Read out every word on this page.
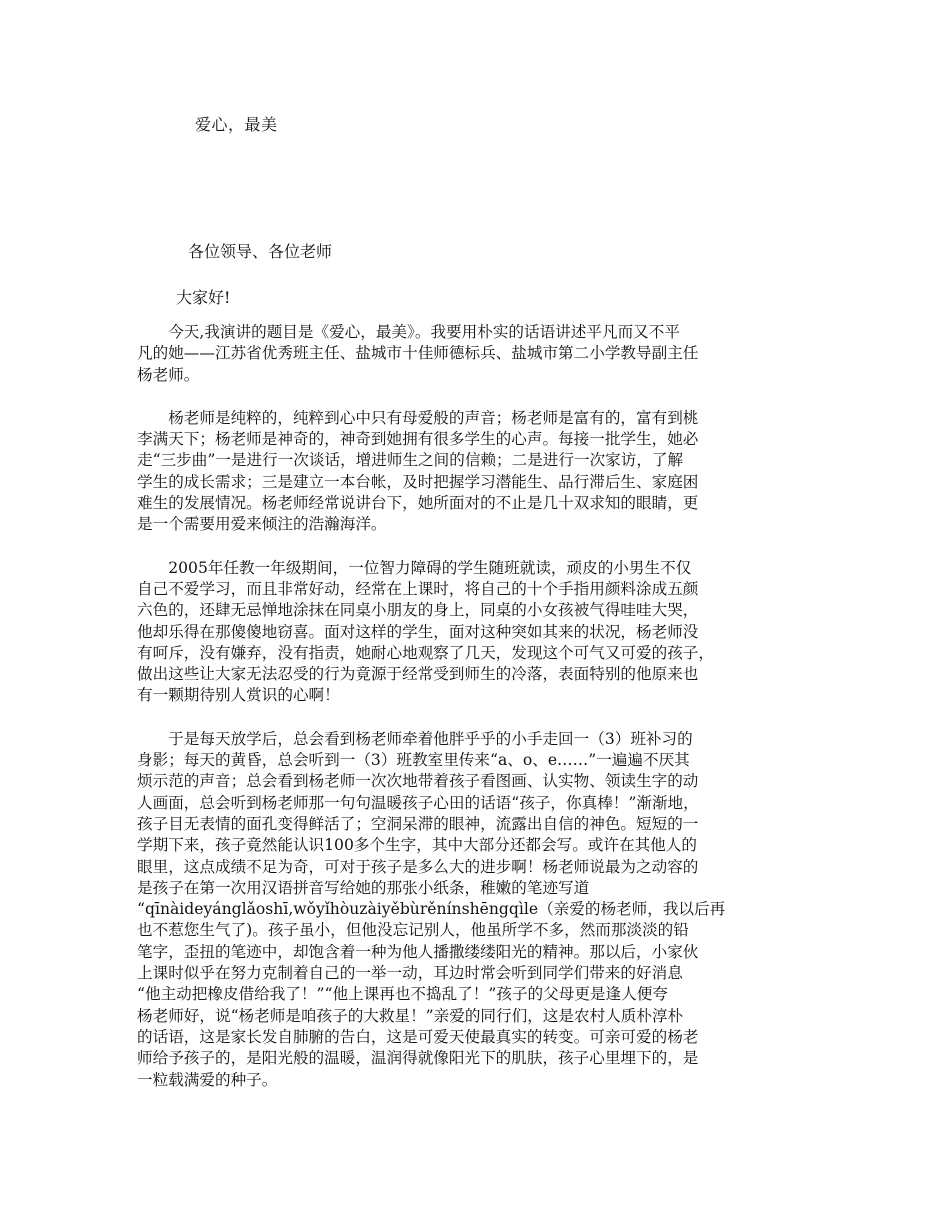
爱心，最美
各位领导、各位老师
大家好!

　　今天,我演讲的题目是《爱心，最美》。我要用朴实的话语讲述平凡而又不平
凡的她——江苏省优秀班主任、盐城市十佳师德标兵、盐城市第二小学教导副主任
杨老师。

　　杨老师是纯粹的，纯粹到心中只有母爱般的声音；杨老师是富有的，富有到桃
李满天下；杨老师是神奇的，神奇到她拥有很多学生的心声。每接一批学生，她必
走“三步曲”一是进行一次谈话，增进师生之间的信赖；二是进行一次家访，了解
学生的成长需求；三是建立一本台帐，及时把握学习潜能生、品行滞后生、家庭困
难生的发展情况。杨老师经常说讲台下，她所面对的不止是几十双求知的眼睛，更
是一个需要用爱来倾注的浩瀚海洋。

　　2005年任教一年级期间，一位智力障碍的学生随班就读，顽皮的小男生不仅
自己不爱学习，而且非常好动，经常在上课时，将自己的十个手指用颜料涂成五颜
六色的，还肆无忌惮地涂抹在同桌小朋友的身上，同桌的小女孩被气得哇哇大哭，
他却乐得在那傻傻地窃喜。面对这样的学生，面对这种突如其来的状况，杨老师没
有呵斥，没有嫌弃，没有指责，她耐心地观察了几天，发现这个可气又可爱的孩子，
做出这些让大家无法忍受的行为竟源于经常受到师生的冷落，表面特别的他原来也
有一颗期待别人赏识的心啊！

　　于是每天放学后，总会看到杨老师牵着他胖乎乎的小手走回一（3）班补习的
身影；每天的黄昏，总会听到一（3）班教室里传来“a、o、e……”一遍遍不厌其
烦示范的声音；总会看到杨老师一次次地带着孩子看图画、认实物、领读生字的动
人画面，总会听到杨老师那一句句温暖孩子心田的话语“孩子，你真棒！”渐渐地，
孩子目无表情的面孔变得鲜活了；空洞呆滞的眼神，流露出自信的神色。短短的一
学期下来，孩子竟然能认识100多个生字，其中大部分还都会写。或许在其他人的
眼里，这点成绩不足为奇，可对于孩子是多么大的进步啊！杨老师说最为之动容的
是孩子在第一次用汉语拼音写给她的那张小纸条，稚嫩的笔迹写道
“qīnàideyánglǎoshī,wǒyǐhòuzàiyěbùrěnínshēngqìle（亲爱的杨老师，我以后再
也不惹您生气了)。孩子虽小，但他没忘记别人，他虽所学不多，然而那淡淡的铅
笔字，歪扭的笔迹中，却饱含着一种为他人播撒缕缕阳光的精神。那以后，小家伙
上课时似乎在努力克制着自己的一举一动，耳边时常会听到同学们带来的好消息
“他主动把橡皮借给我了！”“他上课再也不捣乱了！”孩子的父母更是逢人便夸
杨老师好，说“杨老师是咱孩子的大救星！”亲爱的同行们，这是农村人质朴淳朴
的话语，这是家长发自肺腑的告白，这是可爱天使最真实的转变。可亲可爱的杨老
师给予孩子的，是阳光般的温暖，温润得就像阳光下的肌肤，孩子心里埋下的，是
一粒载满爱的种子。
